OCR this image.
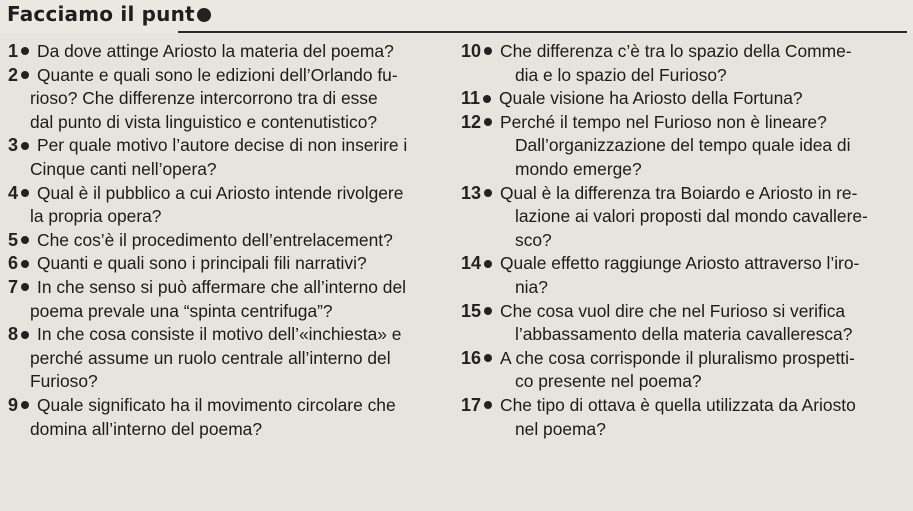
Facciamo il punt
1 Da dove attinge Ariosto la materia del poema?
2 Quante e quali sono le edizioni dell’Orlando fu-
rioso? Che differenze intercorrono tra di esse
dal punto di vista linguistico e contenutistico?
3 Per quale motivo l’autore decise di non inserire i
Cinque canti nell’opera?
4 Qual è il pubblico a cui Ariosto intende rivolgere
la propria opera?
5 Che cos’è il procedimento dell’entrelacement?
6 Quanti e quali sono i principali fili narrativi?
7 In che senso si può affermare che all’interno del
poema prevale una “spinta centrifuga”?
8 In che cosa consiste il motivo dell’«inchiesta» e
perché assume un ruolo centrale all’interno del
Furioso?
9 Quale significato ha il movimento circolare che
domina all’interno del poema?
10 Che differenza c’è tra lo spazio della Comme-
dia e lo spazio del Furioso?
11 Quale visione ha Ariosto della Fortuna?
12 Perché il tempo nel Furioso non è lineare?
Dall’organizzazione del tempo quale idea di
mondo emerge?
13 Qual è la differenza tra Boiardo e Ariosto in re-
lazione ai valori proposti dal mondo cavallere-
sco?
14 Quale effetto raggiunge Ariosto attraverso l’iro-
nia?
15 Che cosa vuol dire che nel Furioso si verifica
l’abbassamento della materia cavalleresca?
16 A che cosa corrisponde il pluralismo prospetti-
co presente nel poema?
17 Che tipo di ottava è quella utilizzata da Ariosto
nel poema?
